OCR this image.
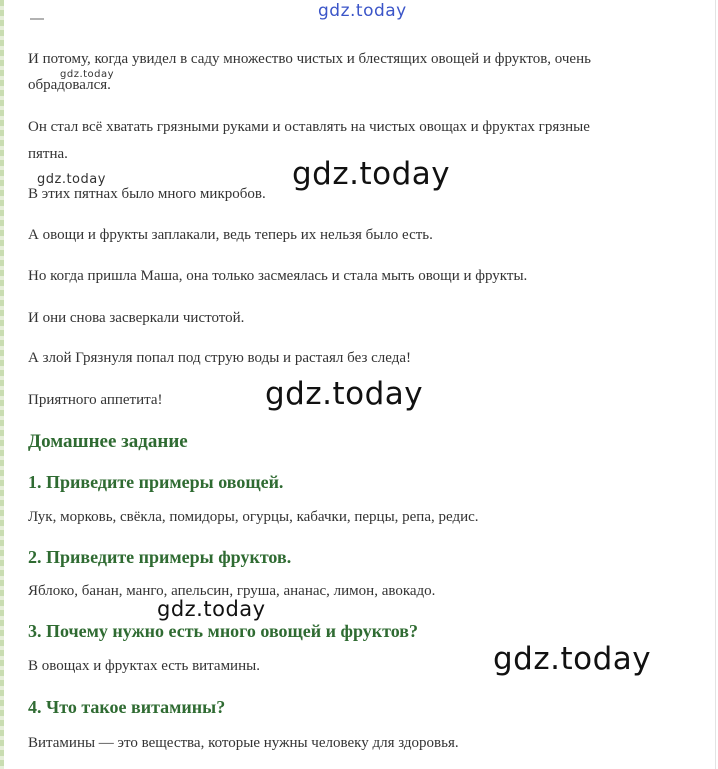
И потому, когда увидел в саду множество чистых и блестящих овощей и фруктов, очень

обрадовался.

Он стал всё хватать грязными руками и оставлять на чистых овощах и фруктах грязные

пятна.

В этих пятнах было много микробов.

А овощи и фрукты заплакали, ведь теперь их нельзя было есть.

Но когда пришла Маша, она только засмеялась и стала мыть овощи и фрукты.

И они снова засверкали чистотой.

А злой Грязнуля попал под струю воды и растаял без следа!

Приятного аппетита!

Домашнее задание
1. Приведите примеры овощей.

Лук, морковь, свёкла, помидоры, огурцы, кабачки, перцы, репа, редис.

2. Приведите примеры фруктов.

Яблоко, банан, манго, апельсин, груша, ананас, лимон, авокадо.

3. Почему нужно есть много овощей и фруктов?

В овощах и фруктах есть витамины.

4. Что такое витамины?

Витамины — это вещества, которые нужны человеку для здоровья.

gdz.today
gdz.today
gdz.today	gdz.today
gdz.today
gdz.today
gdz.today
